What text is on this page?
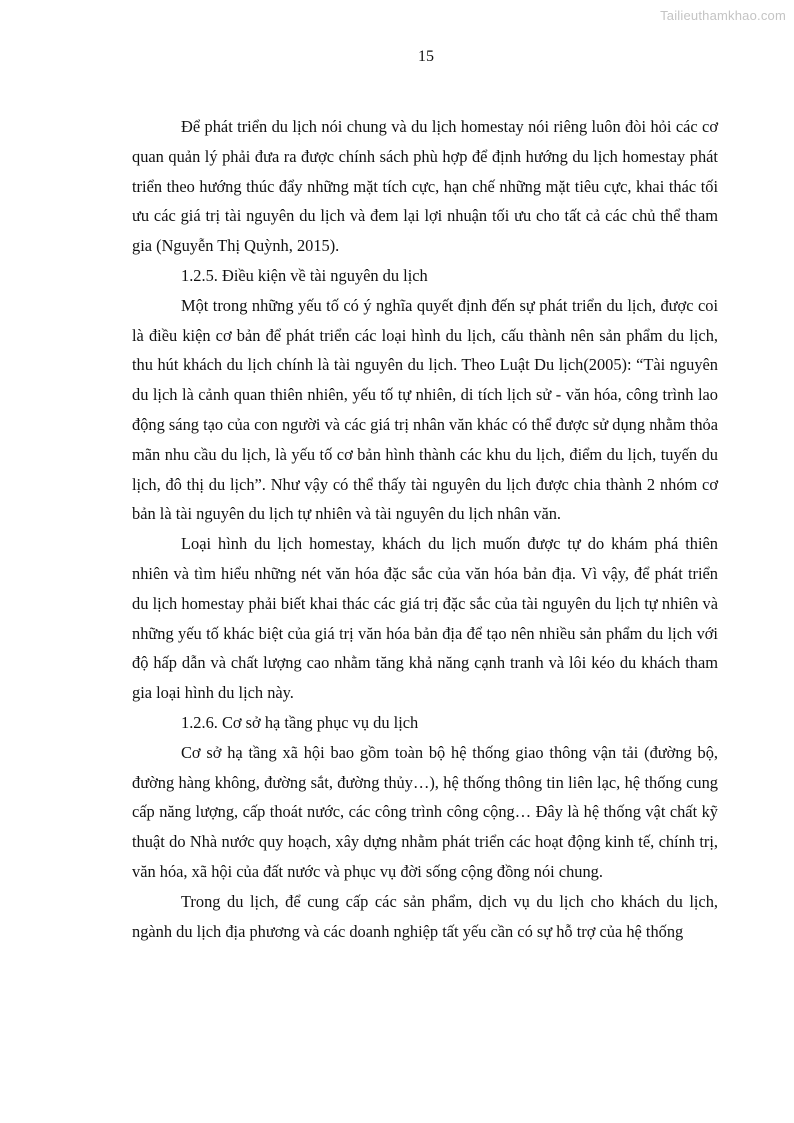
Tailieuthamkhao.com
15

Để phát triển du lịch nói chung và du lịch homestay nói riêng luôn đòi hỏi các cơ quan quản lý phải đưa ra được chính sách phù hợp để định hướng du lịch homestay phát triển theo hướng thúc đẩy những mặt tích cực, hạn chế những mặt tiêu cực, khai thác tối ưu các giá trị tài nguyên du lịch và đem lại lợi nhuận tối ưu cho tất cả các chủ thể tham gia (Nguyễn Thị Quỳnh, 2015).

1.2.5. Điều kiện về tài nguyên du lịch

Một trong những yếu tố có ý nghĩa quyết định đến sự phát triển du lịch, được coi là điều kiện cơ bản để phát triển các loại hình du lịch, cấu thành nên sản phẩm du lịch, thu hút khách du lịch chính là tài nguyên du lịch. Theo Luật Du lịch(2005): “Tài nguyên du lịch là cảnh quan thiên nhiên, yếu tố tự nhiên, di tích lịch sử - văn hóa, công trình lao động sáng tạo của con người và các giá trị nhân văn khác có thể được sử dụng nhằm thỏa mãn nhu cầu du lịch, là yếu tố cơ bản hình thành các khu du lịch, điểm du lịch, tuyến du lịch, đô thị du lịch”. Như vậy có thể thấy tài nguyên du lịch được chia thành 2 nhóm cơ bản là tài nguyên du lịch tự nhiên và tài nguyên du lịch nhân văn.

Loại hình du lịch homestay, khách du lịch muốn được tự do khám phá thiên nhiên và tìm hiểu những nét văn hóa đặc sắc của văn hóa bản địa. Vì vậy, để phát triển du lịch homestay phải biết khai thác các giá trị đặc sắc của tài nguyên du lịch tự nhiên và những yếu tố khác biệt của giá trị văn hóa bản địa để tạo nên nhiều sản phẩm du lịch với độ hấp dẫn và chất lượng cao nhằm tăng khả năng cạnh tranh và lôi kéo du khách tham gia loại hình du lịch này.

1.2.6. Cơ sở hạ tầng phục vụ du lịch

Cơ sở hạ tầng xã hội bao gồm toàn bộ hệ thống giao thông vận tải (đường bộ, đường hàng không, đường sắt, đường thủy…), hệ thống thông tin liên lạc, hệ thống cung cấp năng lượng, cấp thoát nước, các công trình công cộng… Đây là hệ thống vật chất kỹ thuật do Nhà nước quy hoạch, xây dựng nhằm phát triển các hoạt động kinh tế, chính trị, văn hóa, xã hội của đất nước và phục vụ đời sống cộng đồng nói chung.

Trong du lịch, để cung cấp các sản phẩm, dịch vụ du lịch cho khách du lịch, ngành du lịch địa phương và các doanh nghiệp tất yếu cần có sự hỗ trợ của hệ thống
